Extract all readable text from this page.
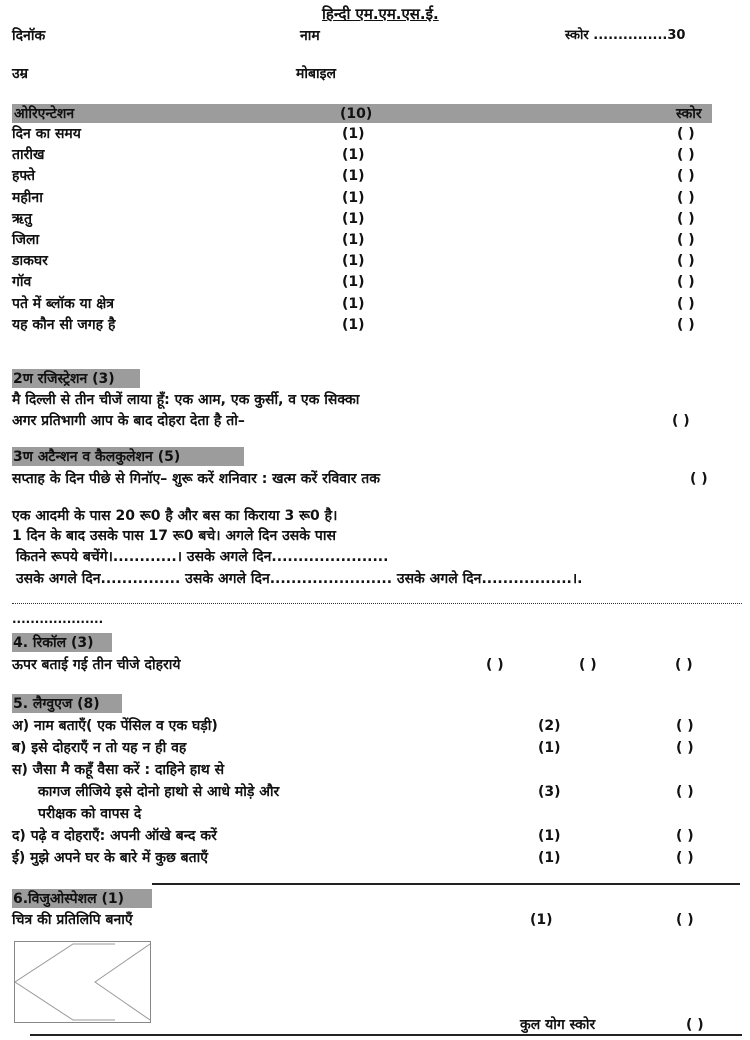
हिन्दी एम.एम.एस.ई.
दिनॉक	नाम	स्कोर ...............30
उम्र	मोबाइल
ओरिएन्टेशन	(10)	स्कोर
दिन का समय	(1)	( )
तारीख	(1)	( )
हफ्ते	(1)	( )
महीना	(1)	( )
ऋतु	(1)	( )
जिला	(1)	( )
डाकघर	(1)	( )
गॉव	(1)	( )
पते में ब्लॉक या क्षेत्र	(1)	( )
यह कौन सी जगह है	(1)	( )
2ण रजिस्ट्रेशन (3)
मै दिल्ली से तीन चीजें लाया हूॅं: एक आम, एक कुर्सी, व एक सिक्का
अगर प्रतिभागी आप के बाद दोहरा देता है तो–	( )
3ण अटैन्शन व कैलकुलेशन (5)
सप्ताह के दिन पीछे से गिनॉए– शुरू करें शनिवार : खत्म करें रविवार तक	( )
एक आदमी के पास 20 रू0 है और बस का किराया 3 रू0 है।
1 दिन के बाद उसके पास 17 रू0 बचे। अगले दिन उसके पास
कितने रूपये बचेंगे।............। उसके अगले दिन......................
उसके अगले दिन............... उसके अगले दिन....................... उसके अगले दिन.................।.
....................
4. रिकॉल (3)
ऊपर बताई गई तीन चीजे दोहराये	( )	( )	( )
5. लैग्वुएज (8)
अ) नाम बताएँ( एक पेंसिल व एक घड़ी)	(2)	( )
ब) इसे दोहराएँ न तो यह न ही वह	(1)	( )
स) जैसा मै कहूँ वैसा करें : दाहिने हाथ से
कागज लीजिये इसे दोनो हाथो से आधे मोड़े और	(3)	( )
परीक्षक को वापस दे
द) पढ़े व दोहराएँ: अपनी ऑखे बन्द करें	(1)	( )
ई) मुझे अपने घर के बारे में कुछ बताएँ	(1)	( )
6.विजुओस्पेशल (1)
चित्र की प्रतिलिपि बनाएँ	(1)	( )
कुल योग स्कोर	( )
